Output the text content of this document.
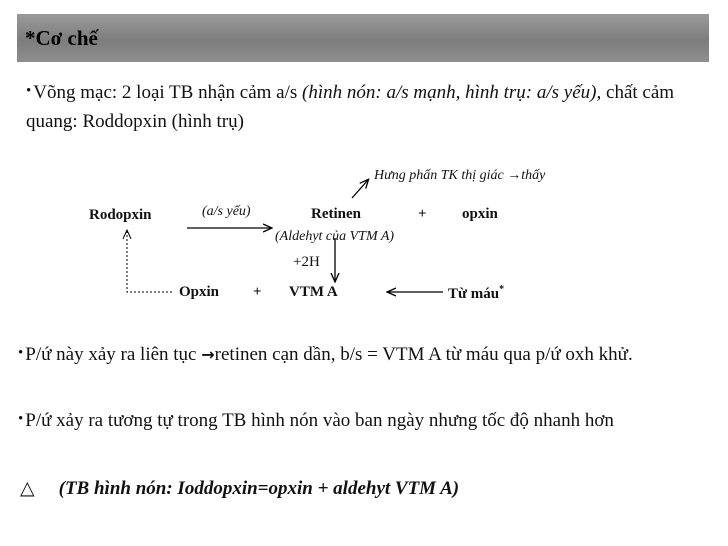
*Cơ chế
• Võng mạc: 2 loại TB nhận cảm a/s (hình nón: a/s mạnh, hình trụ: a/s yếu), chất cảm quang: Roddopxin (hình trụ)
Hưng phấn TK thị giác →thấy
Rodopxin	(a/s yếu)	Retinen	+ opxin
(Aldehyt của VTM A)
+2H
Opxin + VTM A	Từ máu*
• P/ứ này xảy ra liên tục →retinen cạn dần, b/s = VTM A từ máu qua p/ứ oxh khử.
• P/ứ xảy ra tương tự trong TB hình nón vào ban ngày nhưng tốc độ nhanh hơn
△ (TB hình nón: Ioddopxin=opxin + aldehyt VTM A)
